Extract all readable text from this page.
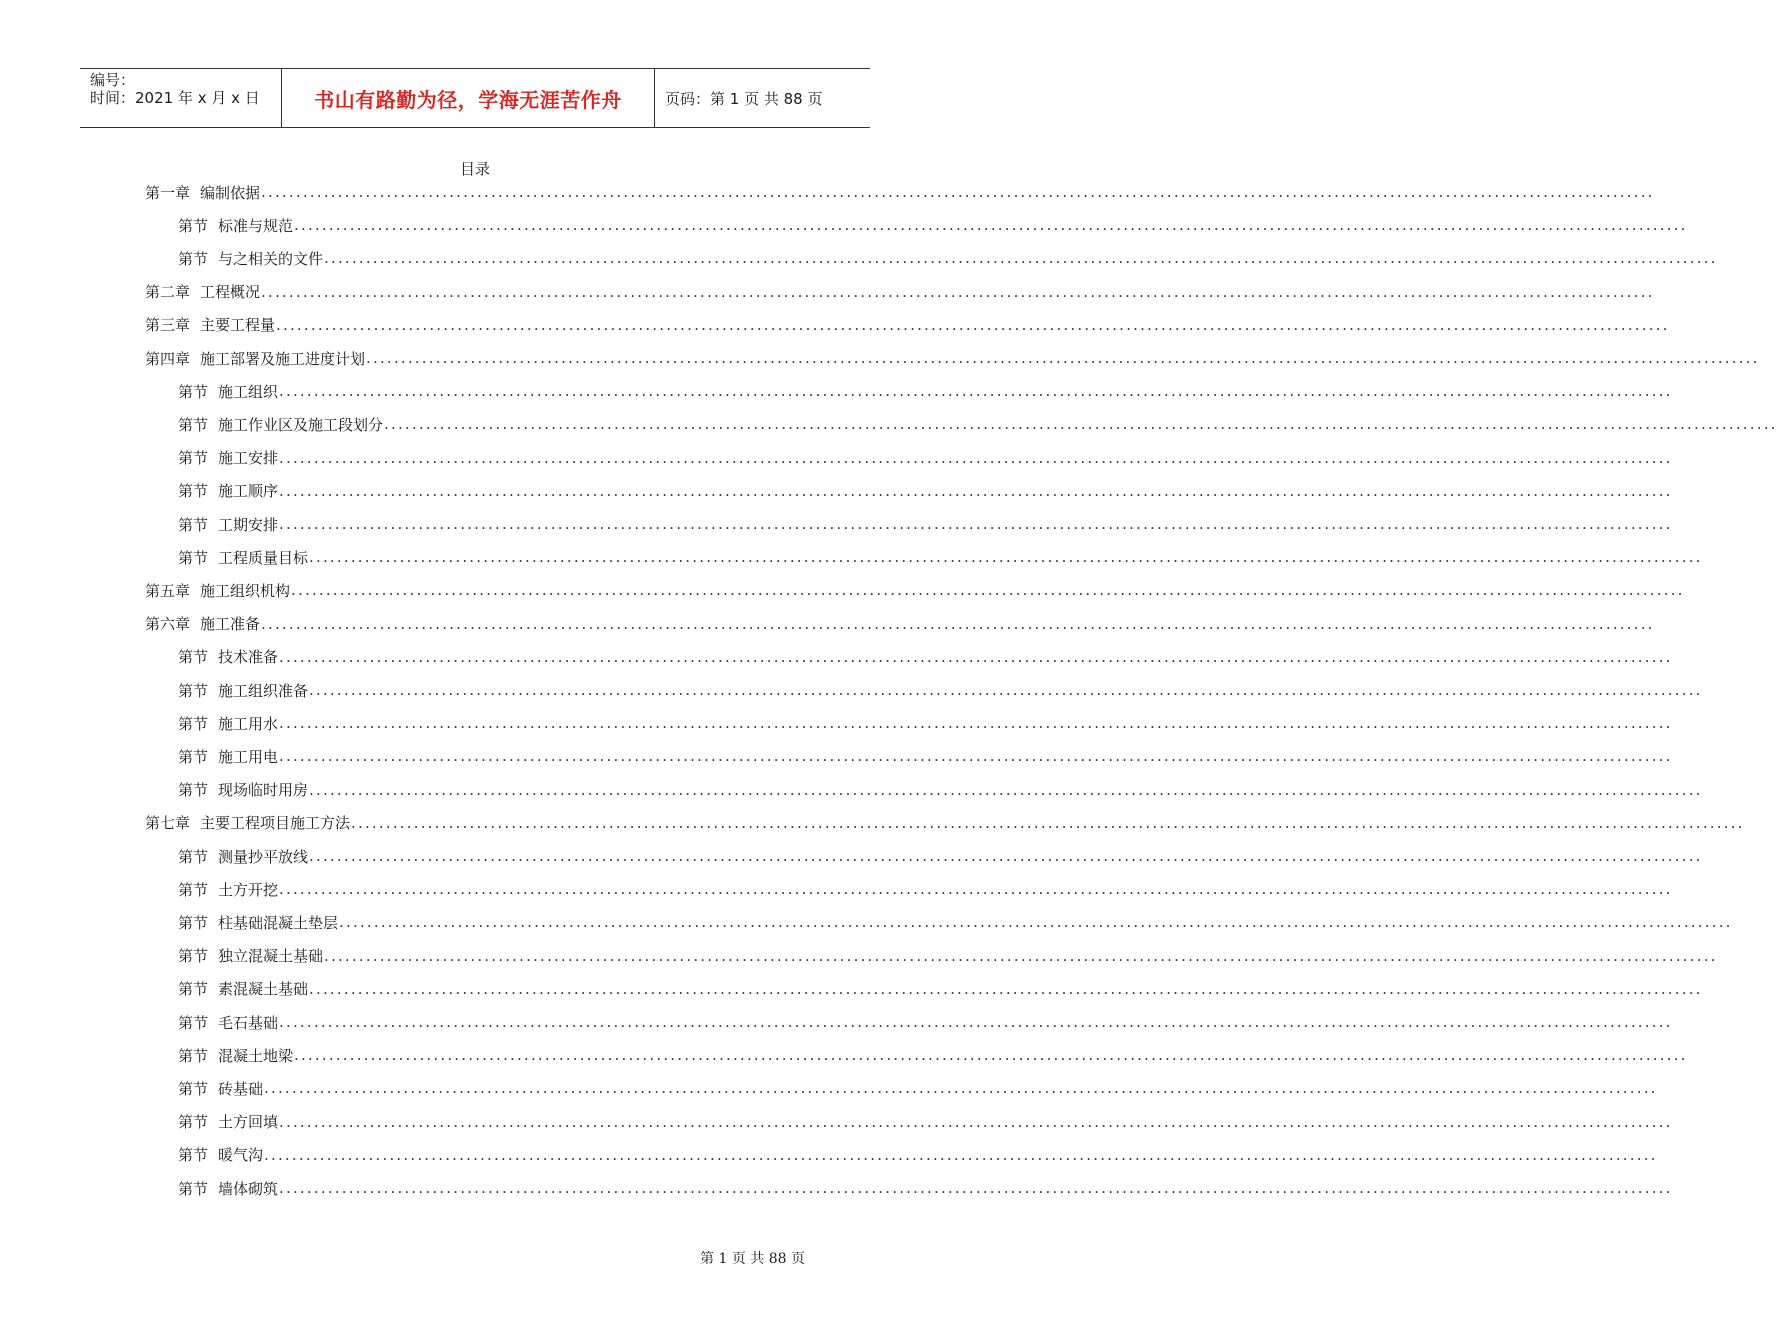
编号：
时间：2021 年 x 月 x 日	书山有路勤为径，学海无涯苦作舟	页码：第 1 页 共 88 页
目录
第一章 编制依据 ........................................................................................................................................................................................................
第节 标准与规范 ........................................................................................................................................................................................................
第节 与之相关的文件 ........................................................................................................................................................................................................
第二章 工程概况 ........................................................................................................................................................................................................
第三章 主要工程量 ........................................................................................................................................................................................................
第四章 施工部署及施工进度计划 ........................................................................................................................................................................................................
第节 施工组织 ........................................................................................................................................................................................................
第节 施工作业区及施工段划分 ........................................................................................................................................................................................................
第节 施工安排 ........................................................................................................................................................................................................
第节 施工顺序 ........................................................................................................................................................................................................
第节 工期安排 ........................................................................................................................................................................................................
第节 工程质量目标 ........................................................................................................................................................................................................
第五章 施工组织机构 ........................................................................................................................................................................................................
第六章 施工准备 ........................................................................................................................................................................................................
第节 技术准备 ........................................................................................................................................................................................................
第节 施工组织准备 ........................................................................................................................................................................................................
第节 施工用水 ........................................................................................................................................................................................................
第节 施工用电 ........................................................................................................................................................................................................
第节 现场临时用房 ........................................................................................................................................................................................................
第七章 主要工程项目施工方法 ........................................................................................................................................................................................................
第节 测量抄平放线 ........................................................................................................................................................................................................
第节 土方开挖 ........................................................................................................................................................................................................
第节 柱基础混凝土垫层 ........................................................................................................................................................................................................
第节 独立混凝土基础 ........................................................................................................................................................................................................
第节 素混凝土基础 ........................................................................................................................................................................................................
第节 毛石基础 ........................................................................................................................................................................................................
第节 混凝土地梁 ........................................................................................................................................................................................................
第节 砖基础 ........................................................................................................................................................................................................
第节 土方回填 ........................................................................................................................................................................................................
第节 暖气沟 ........................................................................................................................................................................................................
第节 墙体砌筑 ........................................................................................................................................................................................................
第 1 页 共 88 页
